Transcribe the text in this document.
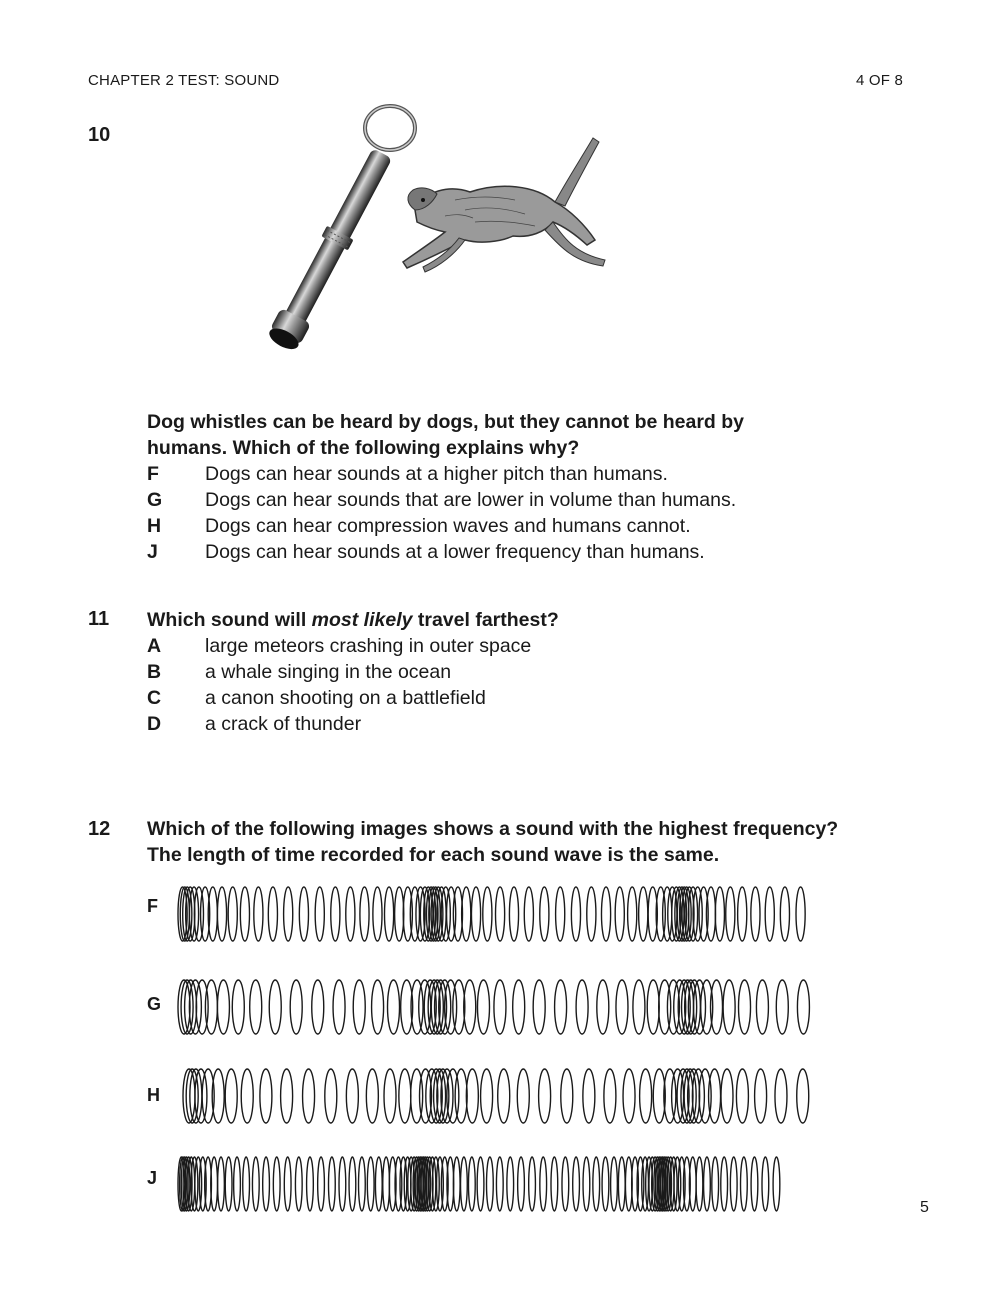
CHAPTER 2 TEST: SOUND	4 OF 8
10
Dog whistles can be heard by dogs, but they cannot be heard by
humans. Which of the following explains why?
F Dogs can hear sounds at a higher pitch than humans.
G Dogs can hear sounds that are lower in volume than humans.
H Dogs can hear compression waves and humans cannot.
J Dogs can hear sounds at a lower frequency than humans.
11 Which sound will most likely travel farthest?
A large meteors crashing in outer space
B a whale singing in the ocean
C a canon shooting on a battlefield
D a crack of thunder
12 Which of the following images shows a sound with the highest frequency?
The length of time recorded for each sound wave is the same.
F
G
H
J
5
